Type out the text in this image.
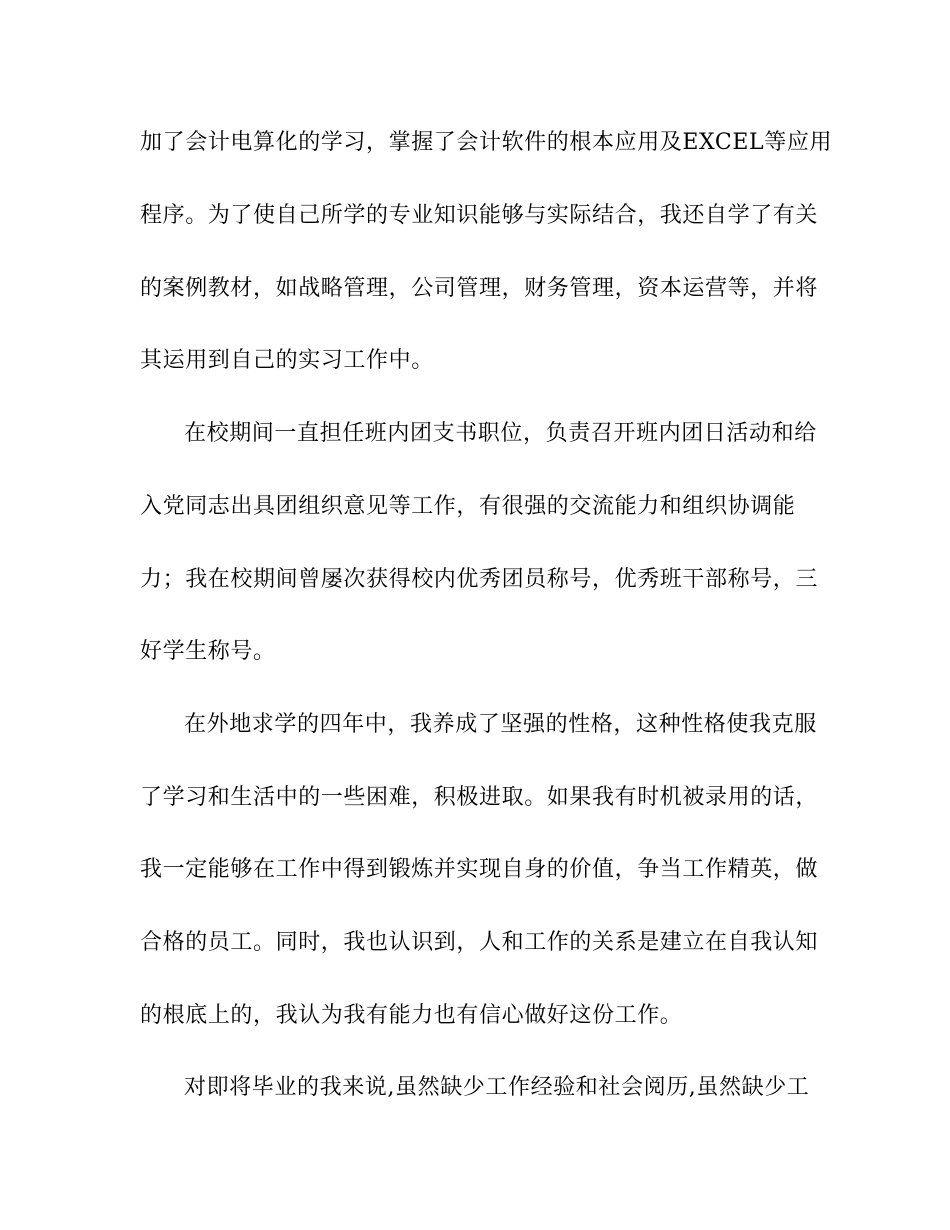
加了会计电算化的学习，掌握了会计软件的根本应用及EXCEL等应用
程序。为了使自己所学的专业知识能够与实际结合，我还自学了有关
的案例教材，如战略管理，公司管理，财务管理，资本运营等，并将
其运用到自己的实习工作中。
在校期间一直担任班内团支书职位，负责召开班内团日活动和给
入党同志出具团组织意见等工作，有很强的交流能力和组织协调能
力；我在校期间曾屡次获得校内优秀团员称号，优秀班干部称号，三
好学生称号。
在外地求学的四年中，我养成了坚强的性格，这种性格使我克服
了学习和生活中的一些困难，积极进取。如果我有时机被录用的话，
我一定能够在工作中得到锻炼并实现自身的价值，争当工作精英，做
合格的员工。同时，我也认识到，人和工作的关系是建立在自我认知
的根底上的，我认为我有能力也有信心做好这份工作。
对即将毕业的我来说,虽然缺少工作经验和社会阅历,虽然缺少工
